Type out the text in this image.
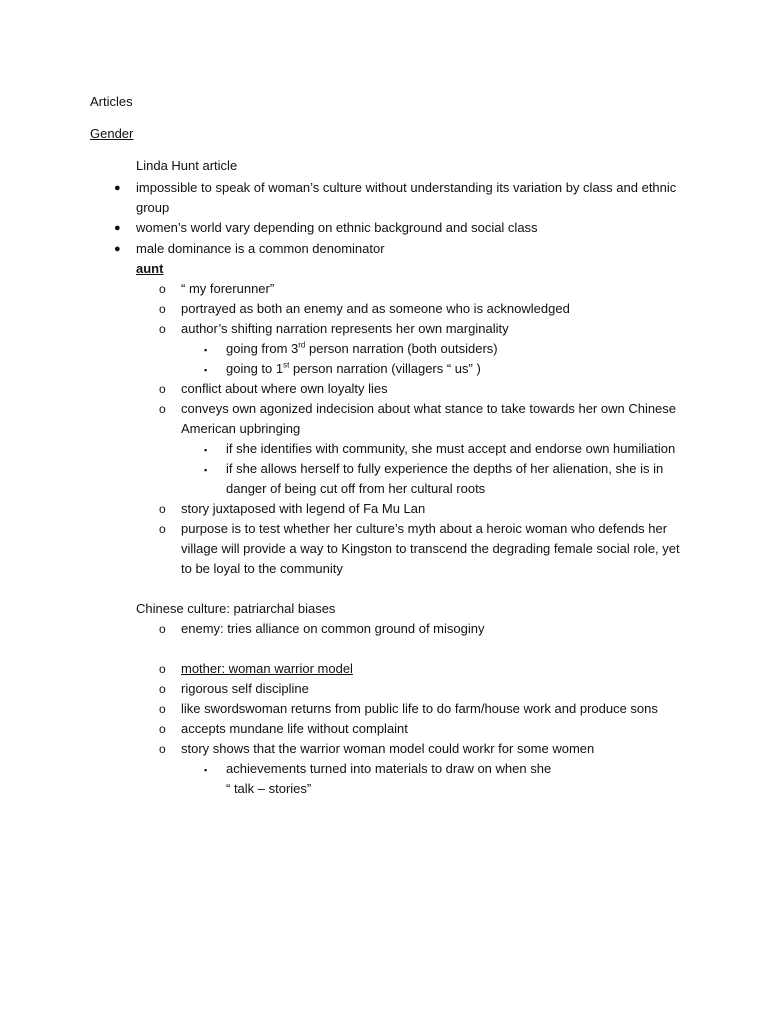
Articles
Gender
Linda Hunt article
● impossible to speak of woman’s culture without understanding its variation by class and ethnic
group
● women’s world vary depending on ethnic background and social class
● male dominance is a common denominator
aunt
o “ my forerunner”
o portrayed as both an enemy and as someone who is acknowledged
o author’s shifting narration represents her own marginality
▪ going from 3rd person narration (both outsiders)
▪ going to 1st person narration (villagers “ us” )
o conflict about where own loyalty lies
o conveys own agonized indecision about what stance to take towards her own Chinese
American upbringing
▪ if she identifies with community, she must accept and endorse own humiliation
▪ if she allows herself to fully experience the depths of her alienation, she is in
danger of being cut off from her cultural roots
o story juxtaposed with legend of Fa Mu Lan
o purpose is to test whether her culture’s myth about a heroic woman who defends her
village will provide a way to Kingston to transcend the degrading female social role, yet
to be loyal to the community
Chinese culture: patriarchal biases
o enemy: tries alliance on common ground of misoginy
o mother: woman warrior model
o rigorous self discipline
o like swordswoman returns from public life to do farm/house work and produce sons
o accepts mundane life without complaint
o story shows that the warrior woman model could workr for some women
▪ achievements turned into materials to draw on when she
“ talk – stories”
